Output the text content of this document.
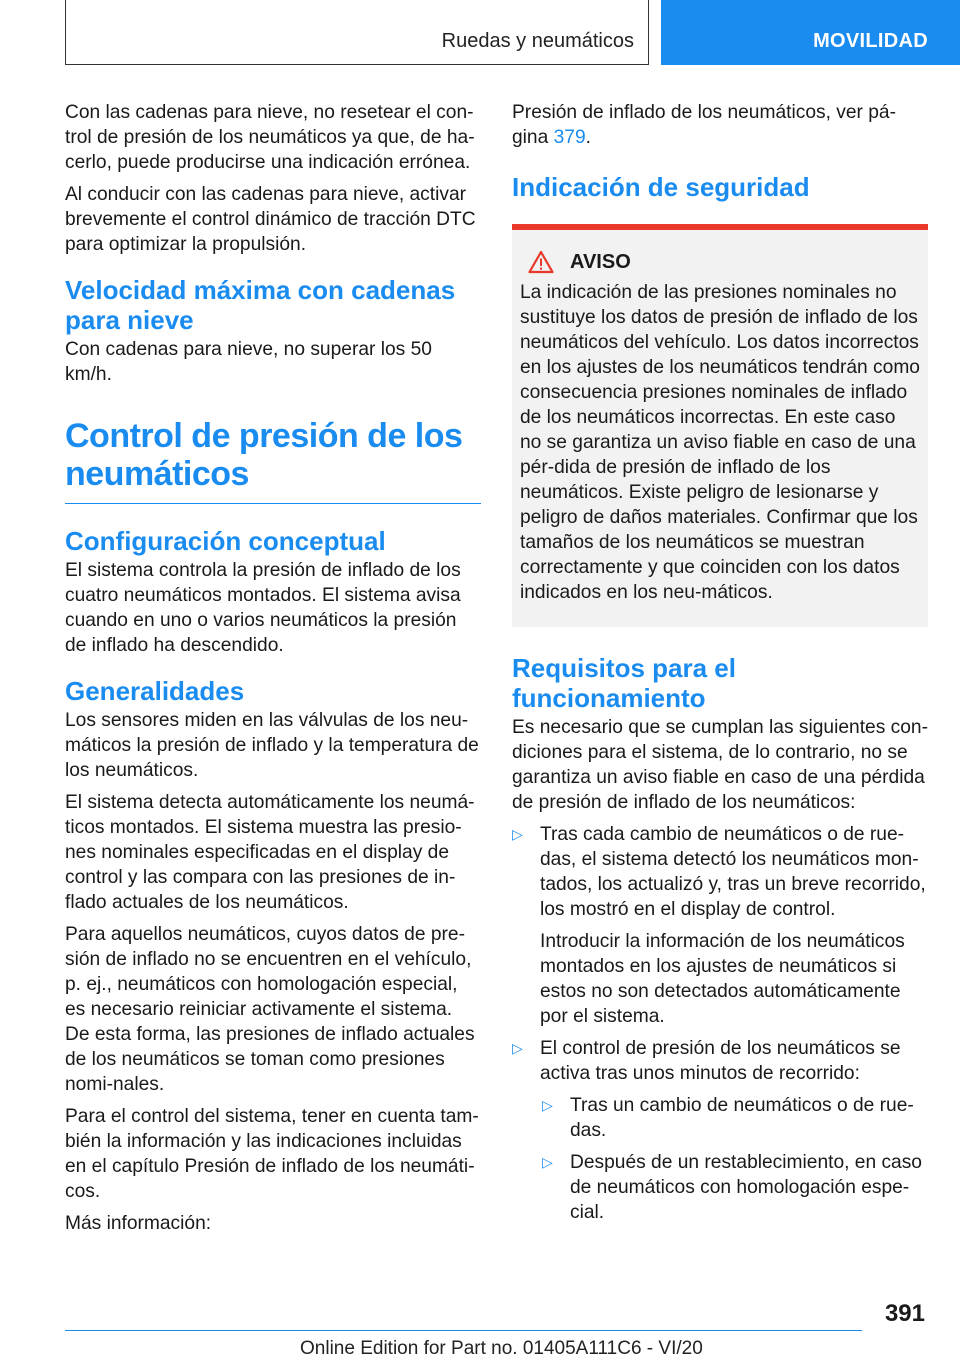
Ruedas y neumáticos	MOVILIDAD

Con las cadenas para nieve, no resetear el con-trol de presión de los neumáticos ya que, de ha-cerlo, puede producirse una indicación errónea.

Al conducir con las cadenas para nieve, activar brevemente el control dinámico de tracción DTC para optimizar la propulsión.

Velocidad máxima con cadenas para nieve

Con cadenas para nieve, no superar los 50 km/h.

Control de presión de los neumáticos
Configuración conceptual

El sistema controla la presión de inflado de los cuatro neumáticos montados. El sistema avisa cuando en uno o varios neumáticos la presión de inflado ha descendido.

Generalidades

Los sensores miden en las válvulas de los neu-máticos la presión de inflado y la temperatura de los neumáticos.

El sistema detecta automáticamente los neumá-ticos montados. El sistema muestra las presio-nes nominales especificadas en el display de control y las compara con las presiones de in-flado actuales de los neumáticos.

Para aquellos neumáticos, cuyos datos de pre-sión de inflado no se encuentren en el vehículo, p. ej., neumáticos con homologación especial, es necesario reiniciar activamente el sistema. De esta forma, las presiones de inflado actuales de los neumáticos se toman como presiones nomi-nales.

Para el control del sistema, tener en cuenta tam-bién la información y las indicaciones incluidas en el capítulo Presión de inflado de los neumáti-cos.

Más información:

Presión de inflado de los neumáticos, ver pá-gina 379.

Indicación de seguridad
AVISO

La indicación de las presiones nominales no sustituye los datos de presión de inflado de los neumáticos del vehículo. Los datos incorrectos en los ajustes de los neumáticos tendrán como consecuencia presiones nominales de inflado de los neumáticos incorrectas. En este caso no se garantiza un aviso fiable en caso de una pér-dida de presión de inflado de los neumáticos. Existe peligro de lesionarse y peligro de daños materiales. Confirmar que los tamaños de los neumáticos se muestran correctamente y que coinciden con los datos indicados en los neu-máticos.

Requisitos para el funcionamiento

Es necesario que se cumplan las siguientes con-diciones para el sistema, de lo contrario, no se garantiza un aviso fiable en caso de una pérdida de presión de inflado de los neumáticos:

▷ Tras cada cambio de neumáticos o de rue-das, el sistema detectó los neumáticos mon-tados, los actualizó y, tras un breve recorrido, los mostró en el display de control.

Introducir la información de los neumáticos montados en los ajustes de neumáticos si estos no son detectados automáticamente por el sistema.

▷ El control de presión de los neumáticos se activa tras unos minutos de recorrido:

▷ Tras un cambio de neumáticos o de rue-das.

▷ Después de un restablecimiento, en caso de neumáticos con homologación espe-cial.

391
Online Edition for Part no. 01405A111C6 - VI/20
